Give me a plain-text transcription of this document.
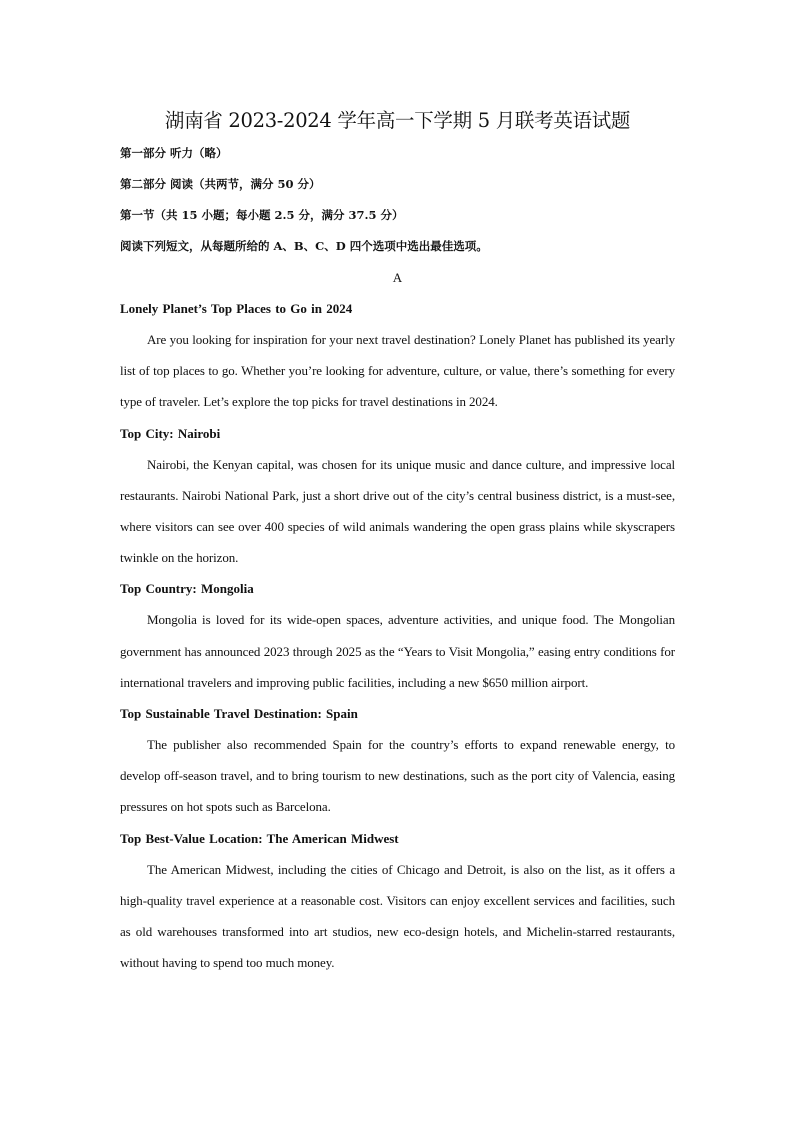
湖南省 2023-2024 学年高一下学期 5 月联考英语试题
第一部分 听力（略）
第二部分 阅读（共两节，满分 50 分）
第一节（共 15 小题；每小题 2.5 分，满分 37.5 分）
阅读下列短文，从每题所给的 A、B、C、D 四个选项中选出最佳选项。
A
Lonely Planet’s Top Places to Go in 2024

Are you looking for inspiration for your next travel destination? Lonely Planet has published its yearly list of top places to go. Whether you’re looking for adventure, culture, or value, there’s something for every type of traveler. Let’s explore the top picks for travel destinations in 2024.

Top City: Nairobi

Nairobi, the Kenyan capital, was chosen for its unique music and dance culture, and impressive local restaurants. Nairobi National Park, just a short drive out of the city’s central business district, is a must-see, where visitors can see over 400 species of wild animals wandering the open grass plains while skyscrapers twinkle on the horizon.

Top Country: Mongolia

Mongolia is loved for its wide-open spaces, adventure activities, and unique food. The Mongolian government has announced 2023 through 2025 as the “Years to Visit Mongolia,” easing entry conditions for international travelers and improving public facilities, including a new $650 million airport.

Top Sustainable Travel Destination: Spain

The publisher also recommended Spain for the country’s efforts to expand renewable energy, to develop off-season travel, and to bring tourism to new destinations, such as the port city of Valencia, easing pressures on hot spots such as Barcelona.

Top Best-Value Location: The American Midwest

The American Midwest, including the cities of Chicago and Detroit, is also on the list, as it offers a high-quality travel experience at a reasonable cost. Visitors can enjoy excellent services and facilities, such as old warehouses transformed into art studios, new eco-design hotels, and Michelin-starred restaurants, without having to spend too much money.
